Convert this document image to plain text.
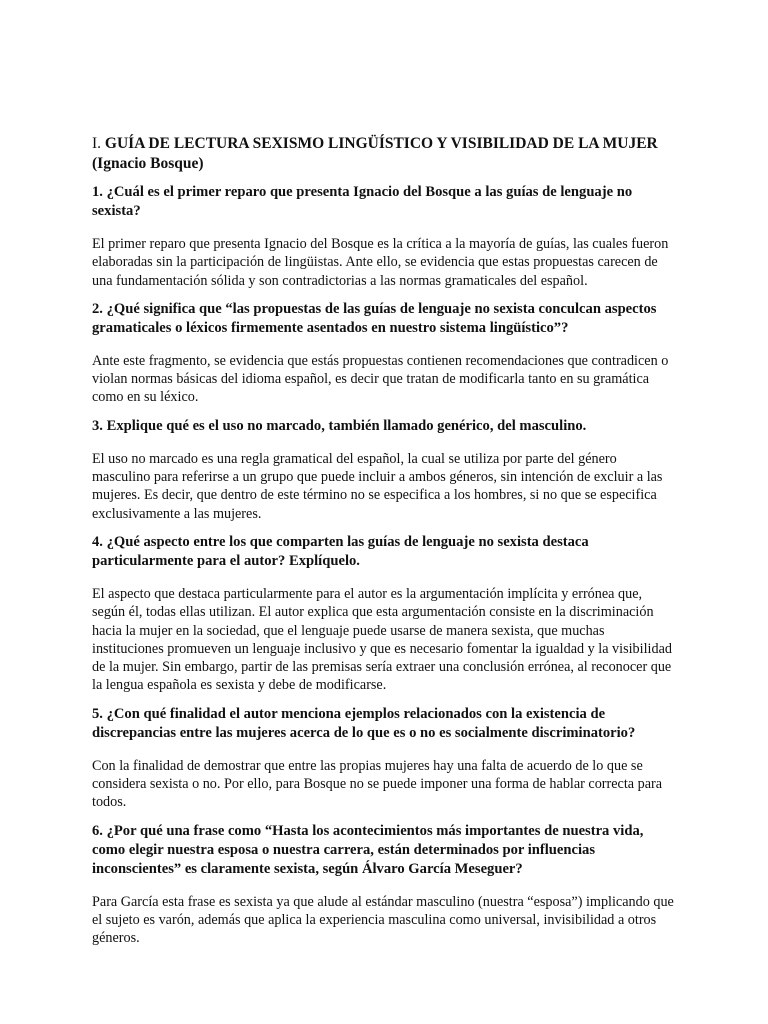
I. GUÍA DE LECTURA SEXISMO LINGÜÍSTICO Y VISIBILIDAD DE LA MUJER (Ignacio Bosque)

1. ¿Cuál es el primer reparo que presenta Ignacio del Bosque a las guías de lenguaje no sexista?

El primer reparo que presenta Ignacio del Bosque es la crítica a la mayoría de guías, las cuales fueron elaboradas sin la participación de lingüistas. Ante ello, se evidencia que estas propuestas carecen de una fundamentación sólida y son contradictorias a las normas gramaticales del español.

2. ¿Qué significa que “las propuestas de las guías de lenguaje no sexista conculcan aspectos gramaticales o léxicos firmemente asentados en nuestro sistema lingüístico”?

Ante este fragmento, se evidencia que estás propuestas contienen recomendaciones que contradicen o violan normas básicas del idioma español, es decir que tratan de modificarla tanto en su gramática como en su léxico.

3. Explique qué es el uso no marcado, también llamado genérico, del masculino.

El uso no marcado es una regla gramatical del español, la cual se utiliza por parte del género masculino para referirse a un grupo que puede incluir a ambos géneros, sin intención de excluir a las mujeres. Es decir, que dentro de este término no se especifica a los hombres, si no que se especifica exclusivamente a las mujeres.

4. ¿Qué aspecto entre los que comparten las guías de lenguaje no sexista destaca particularmente para el autor? Explíquelo.

El aspecto que destaca particularmente para el autor es la argumentación implícita y errónea que, según él, todas ellas utilizan. El autor explica que esta argumentación consiste en la discriminación hacia la mujer en la sociedad, que el lenguaje puede usarse de manera sexista, que muchas instituciones promueven un lenguaje inclusivo y que es necesario fomentar la igualdad y la visibilidad de la mujer. Sin embargo, partir de las premisas sería extraer una conclusión errónea, al reconocer que la lengua española es sexista y debe de modificarse.

5. ¿Con qué finalidad el autor menciona ejemplos relacionados con la existencia de discrepancias entre las mujeres acerca de lo que es o no es socialmente discriminatorio?

Con la finalidad de demostrar que entre las propias mujeres hay una falta de acuerdo de lo que se considera sexista o no. Por ello, para Bosque no se puede imponer una forma de hablar correcta para todos.

6. ¿Por qué una frase como “Hasta los acontecimientos más importantes de nuestra vida, como elegir nuestra esposa o nuestra carrera, están determinados por influencias inconscientes” es claramente sexista, según Álvaro García Meseguer?

Para García esta frase es sexista ya que alude al estándar masculino (nuestra “esposa”) implicando que el sujeto es varón, además que aplica la experiencia masculina como universal, invisibilidad a otros géneros.
